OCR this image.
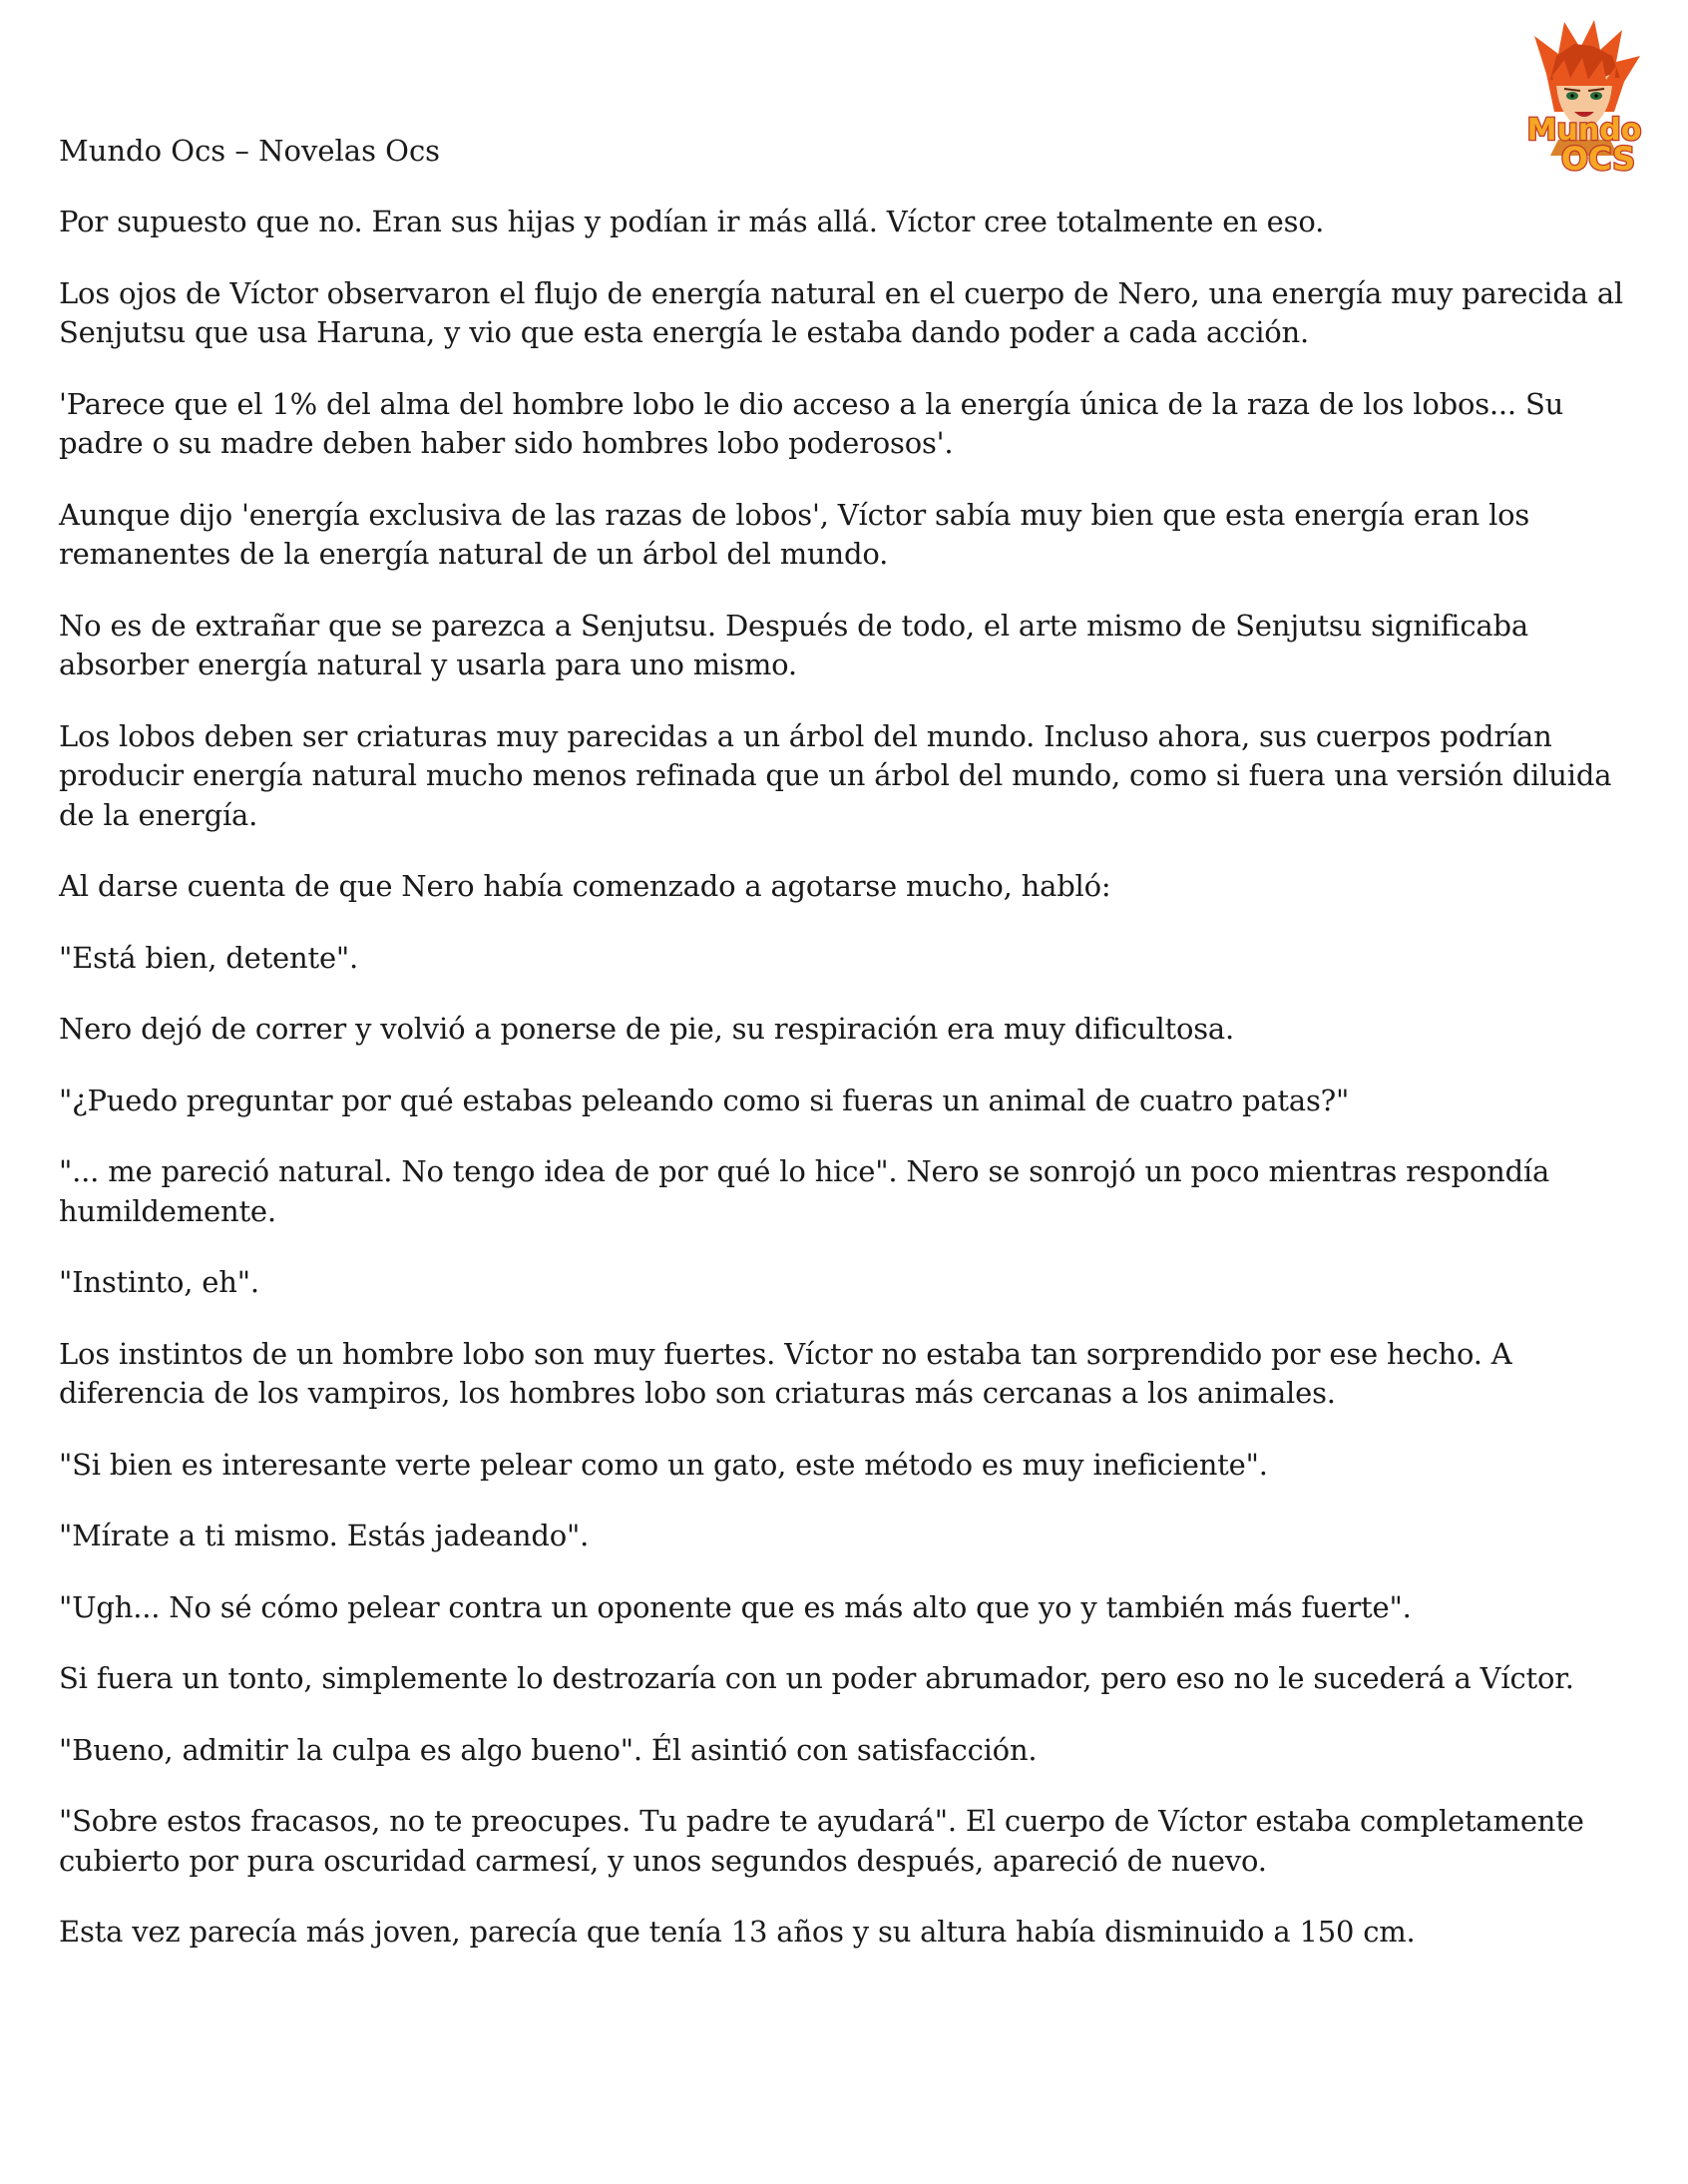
Mundo Ocs – Novelas Ocs
Mundo
OCS

Por supuesto que no. Eran sus hijas y podían ir más allá. Víctor cree totalmente en eso.

Los ojos de Víctor observaron el flujo de energía natural en el cuerpo de Nero, una energía muy parecida al Senjutsu que usa Haruna, y vio que esta energía le estaba dando poder a cada acción.

'Parece que el 1% del alma del hombre lobo le dio acceso a la energía única de la raza de los lobos... Su padre o su madre deben haber sido hombres lobo poderosos'.

Aunque dijo 'energía exclusiva de las razas de lobos', Víctor sabía muy bien que esta energía eran los remanentes de la energía natural de un árbol del mundo.

No es de extrañar que se parezca a Senjutsu. Después de todo, el arte mismo de Senjutsu significaba absorber energía natural y usarla para uno mismo.

Los lobos deben ser criaturas muy parecidas a un árbol del mundo. Incluso ahora, sus cuerpos podrían producir energía natural mucho menos refinada que un árbol del mundo, como si fuera una versión diluida de la energía.

Al darse cuenta de que Nero había comenzado a agotarse mucho, habló:

"Está bien, detente".

Nero dejó de correr y volvió a ponerse de pie, su respiración era muy dificultosa.

"¿Puedo preguntar por qué estabas peleando como si fueras un animal de cuatro patas?"

"... me pareció natural. No tengo idea de por qué lo hice". Nero se sonrojó un poco mientras respondía humildemente.

"Instinto, eh".

Los instintos de un hombre lobo son muy fuertes. Víctor no estaba tan sorprendido por ese hecho. A diferencia de los vampiros, los hombres lobo son criaturas más cercanas a los animales.

"Si bien es interesante verte pelear como un gato, este método es muy ineficiente".

"Mírate a ti mismo. Estás jadeando".

"Ugh... No sé cómo pelear contra un oponente que es más alto que yo y también más fuerte".

Si fuera un tonto, simplemente lo destrozaría con un poder abrumador, pero eso no le sucederá a Víctor.

"Bueno, admitir la culpa es algo bueno". Él asintió con satisfacción.

"Sobre estos fracasos, no te preocupes. Tu padre te ayudará". El cuerpo de Víctor estaba completamente cubierto por pura oscuridad carmesí, y unos segundos después, apareció de nuevo.

Esta vez parecía más joven, parecía que tenía 13 años y su altura había disminuido a 150 cm.
